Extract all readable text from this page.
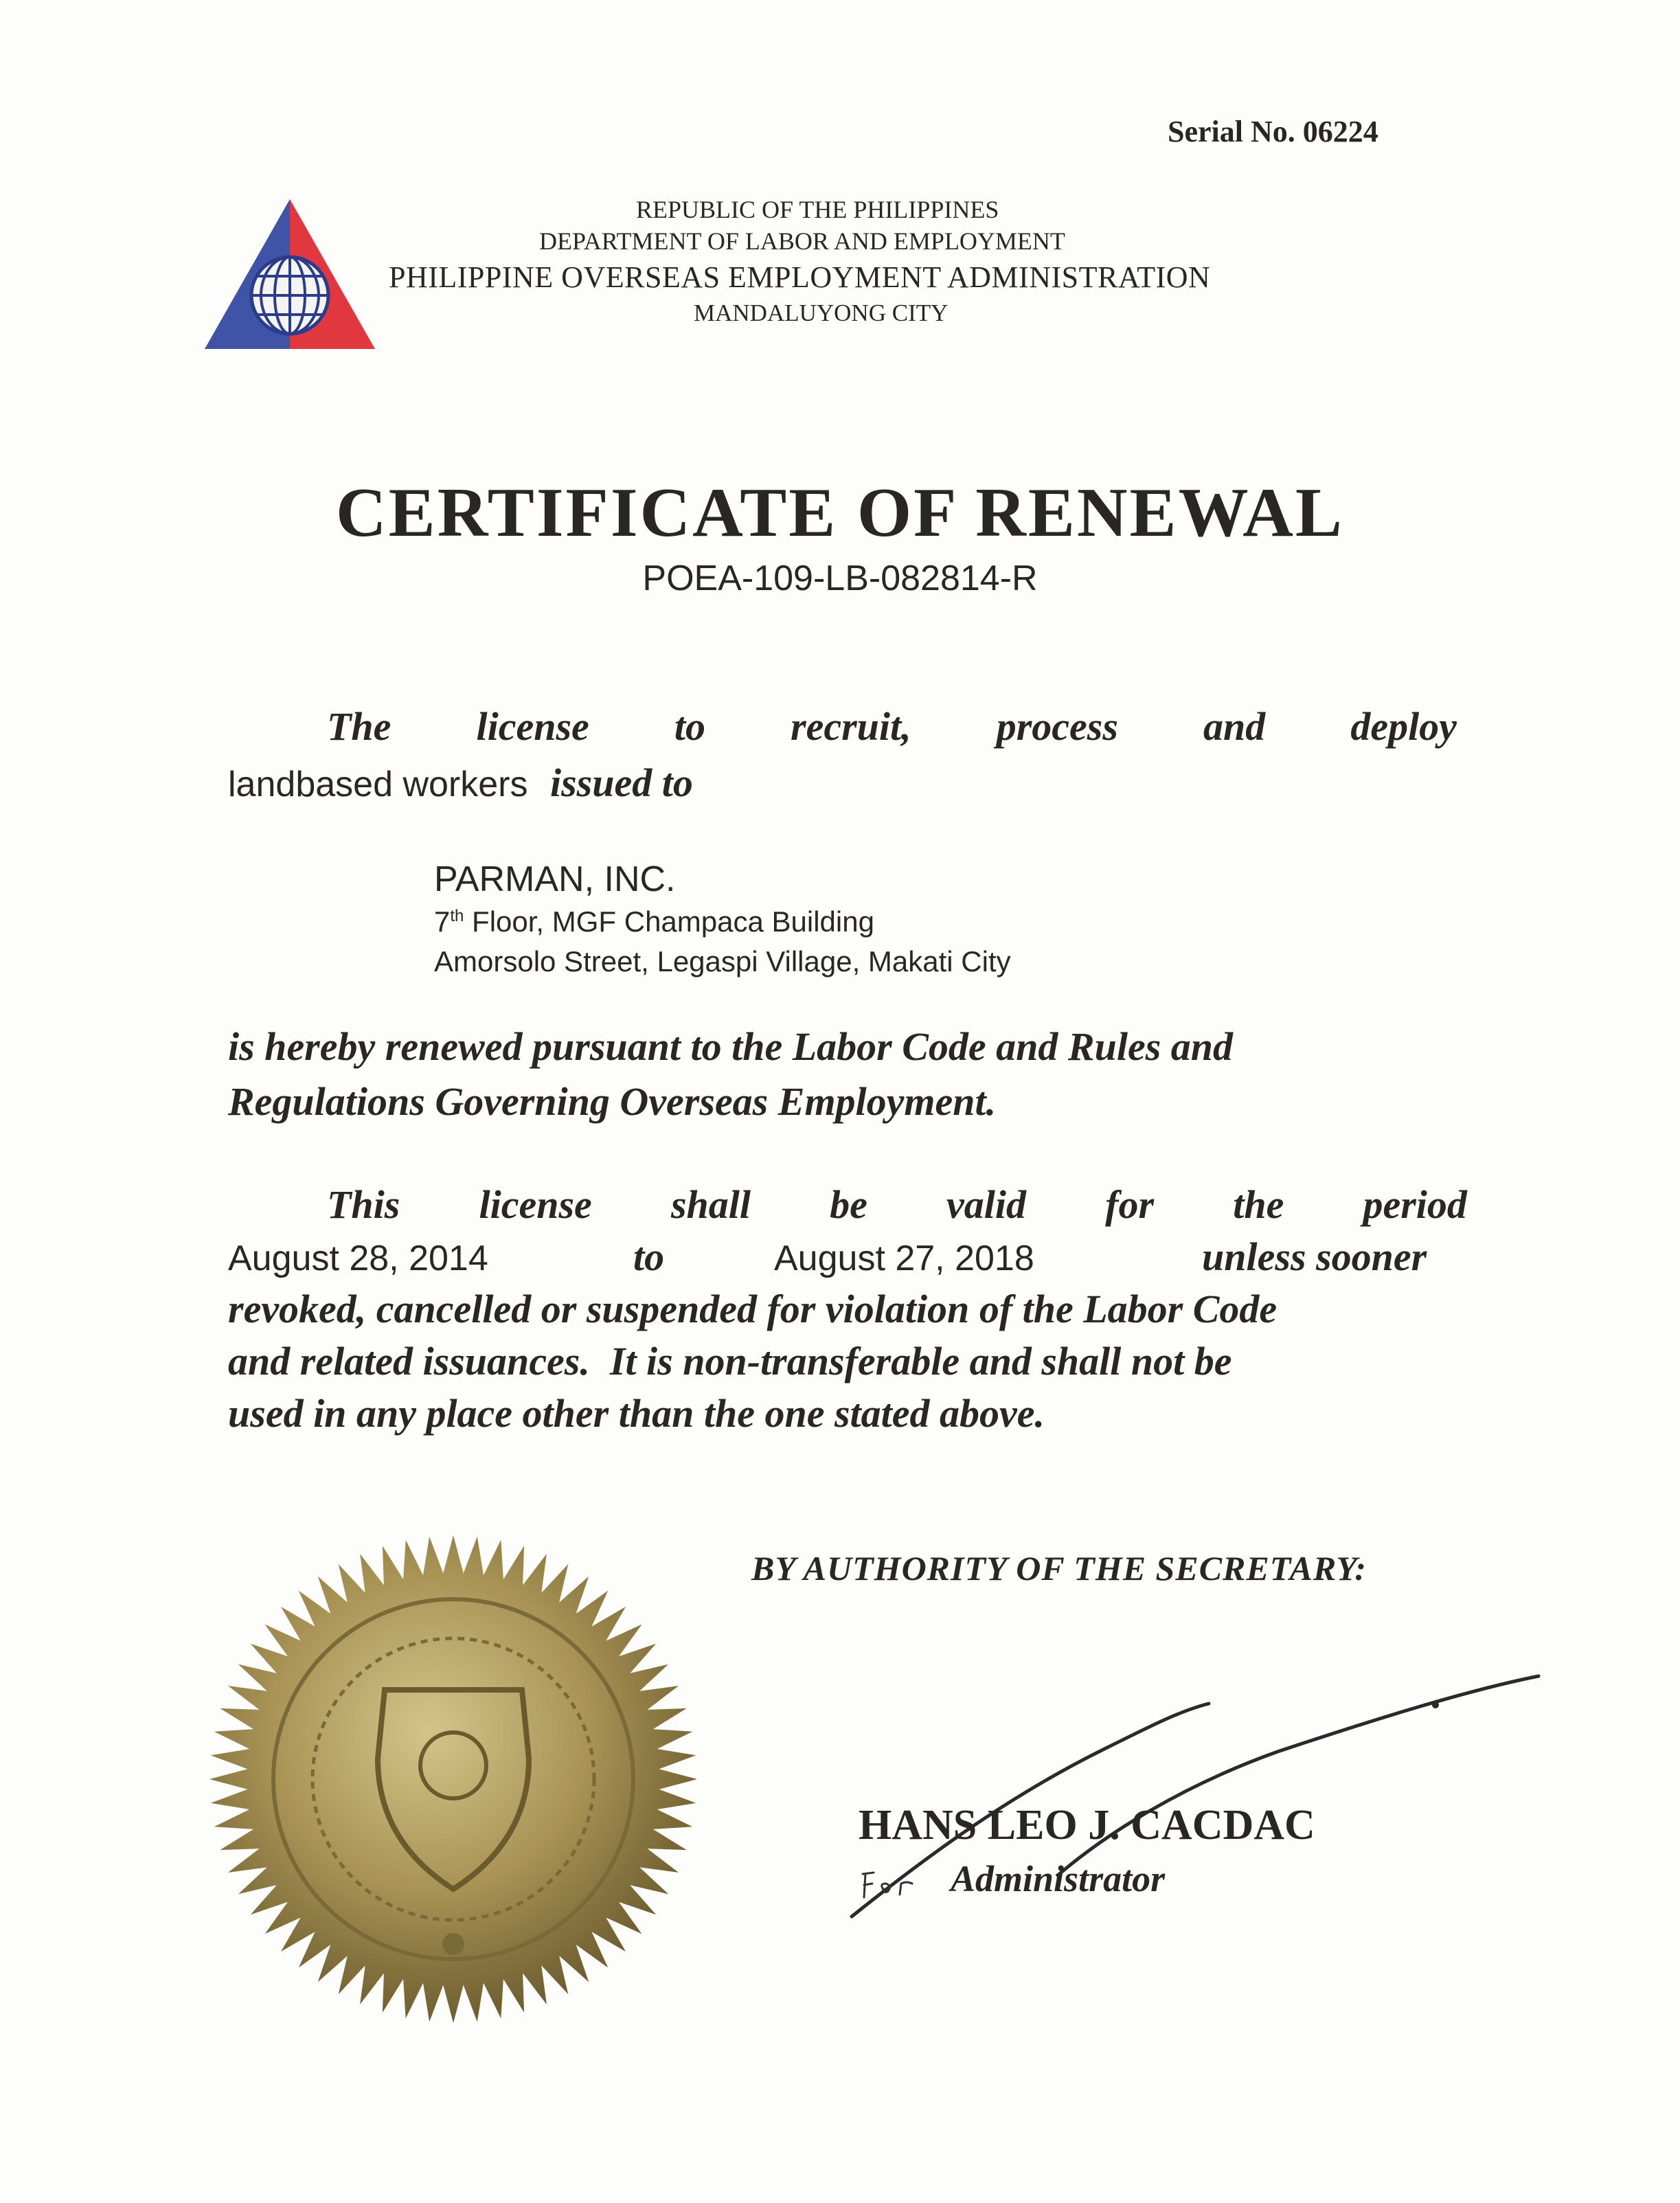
Serial No. 06224
REPUBLIC OF THE PHILIPPINES
DEPARTMENT OF LABOR AND EMPLOYMENT
PHILIPPINE OVERSEAS EMPLOYMENT ADMINISTRATION
MANDALUYONG CITY
CERTIFICATE OF RENEWAL
POEA-109-LB-082814-R
The license to recruit, process and deploy
landbased workers issued to
PARMAN, INC.
7th Floor, MGF Champaca Building
Amorsolo Street, Legaspi Village, Makati City
is hereby renewed pursuant to the Labor Code and Rules and
Regulations Governing Overseas Employment.
This license shall be valid for the period
August 28, 2014	to	August 27, 2018	unless sooner
revoked, cancelled or suspended for violation of the Labor Code
and related issuances.  It is non-transferable and shall not be
used in any place other than the one stated above.
BY AUTHORITY OF THE SECRETARY:
HANS LEO J. CACDAC
Administrator
